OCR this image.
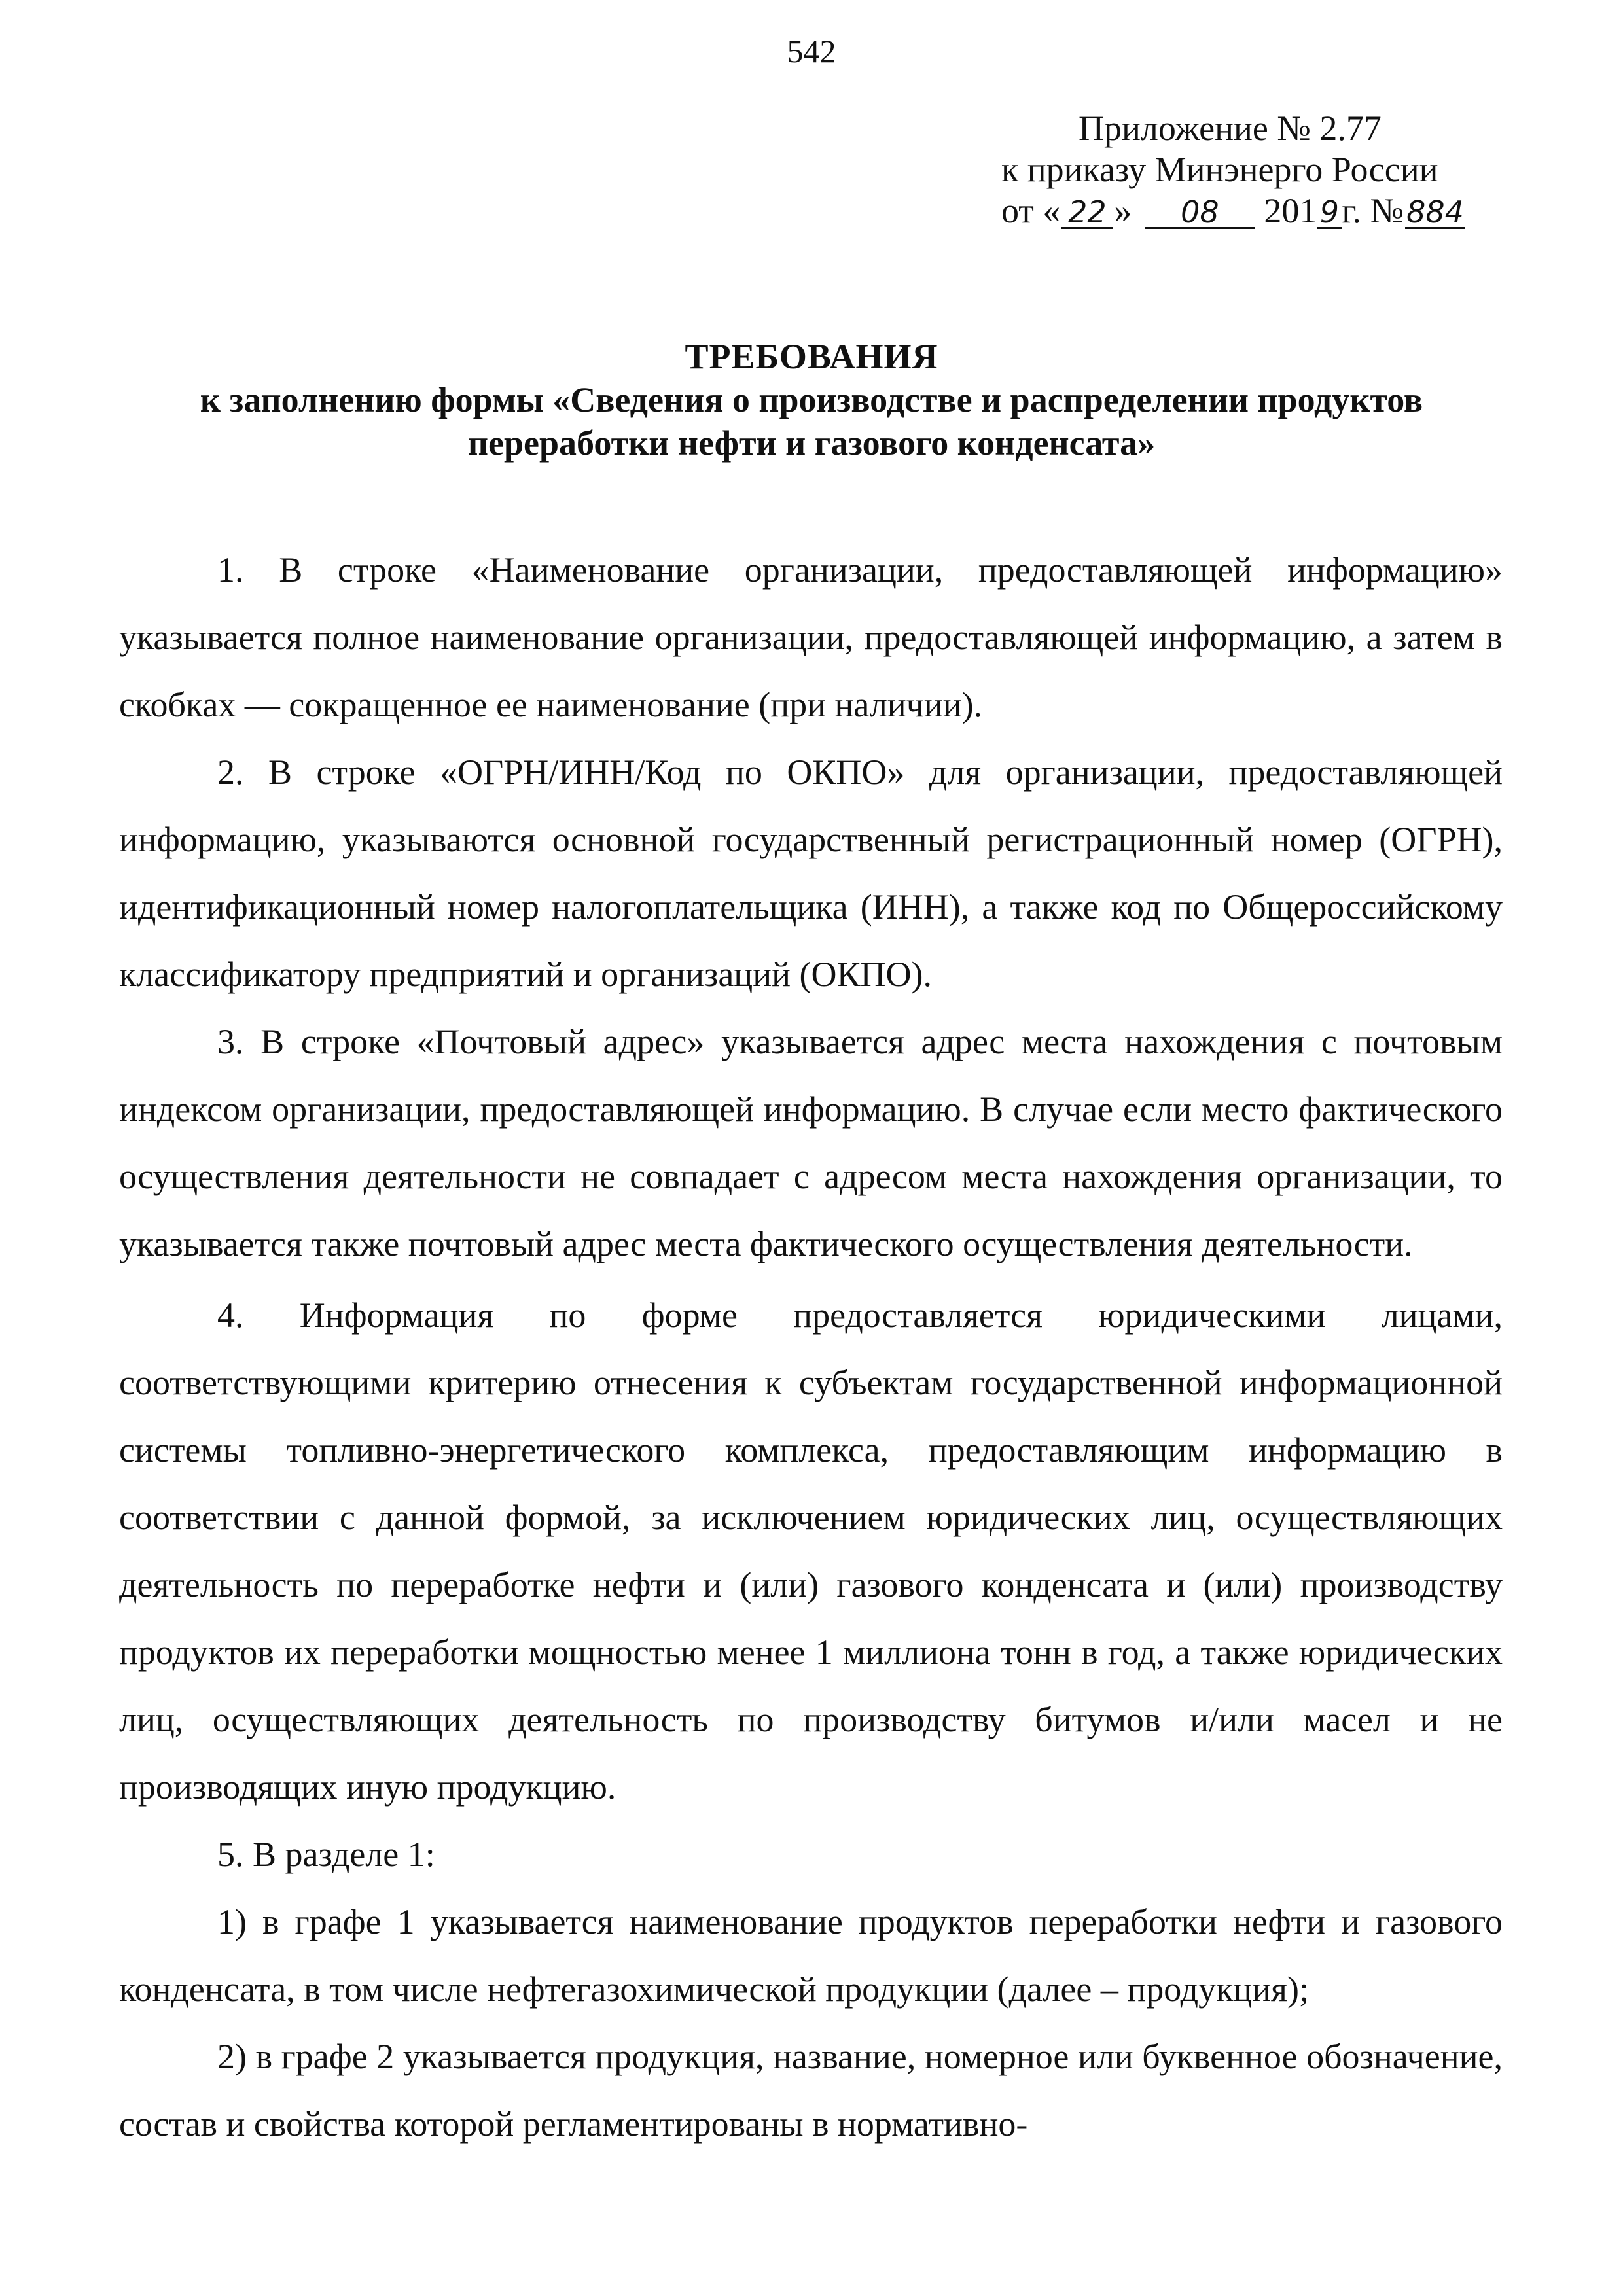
542
Приложение № 2.77
к приказу Минэнерго России
от « 22 » 08 2019г. №884
ТРЕБОВАНИЯ
к заполнению формы «Сведения о производстве и распределении продуктов
переработки нефти и газового конденсата»

1. В строке «Наименование организации, предоставляющей информацию» указывается полное наименование организации, предоставляющей информацию, а затем в скобках — сокращенное ее наименование (при наличии).

2. В строке «ОГРН/ИНН/Код по ОКПО» для организации, предоставляющей информацию, указываются основной государственный регистрационный номер (ОГРН), идентификационный номер налогоплательщика (ИНН), а также код по Общероссийскому классификатору предприятий и организаций (ОКПО).

3. В строке «Почтовый адрес» указывается адрес места нахождения с почтовым индексом организации, предоставляющей информацию. В случае если место фактического осуществления деятельности не совпадает с адресом места нахождения организации, то указывается также почтовый адрес места фактического осуществления деятельности.

4. Информация по форме предоставляется юридическими лицами, соответствующими критерию отнесения к субъектам государственной информационной системы топливно-энергетического комплекса, предоставляющим информацию в соответствии с данной формой, за исключением юридических лиц, осуществляющих деятельность по переработке нефти и (или) газового конденсата и (или) производству продуктов их переработки мощностью менее 1 миллиона тонн в год, а также юридических лиц, осуществляющих деятельность по производству битумов и/или масел и не производящих иную продукцию.

5. В разделе 1:

1) в графе 1 указывается наименование продуктов переработки нефти и газового конденсата, в том числе нефтегазохимической продукции (далее – продукция);

2) в графе 2 указывается продукция, название, номерное или буквенное обозначение, состав и свойства которой регламентированы в нормативно-
